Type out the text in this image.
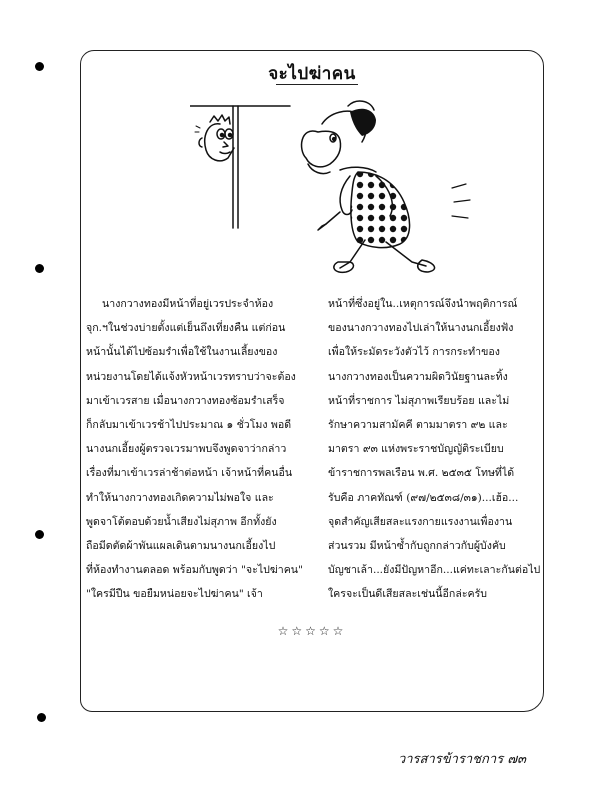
จะไปฆ่าคน
นางกวางทองมีหน้าที่อยู่เวรประจำห้อง
จุก.ฯในช่วงบ่ายตั้งแต่เย็นถึงเที่ยงคืน แต่ก่อน
หน้านั้นได้ไปซ้อมรำเพื่อใช้ในงานเลี้ยงของ
หน่วยงานโดยได้แจ้งหัวหน้าเวรทราบว่าจะต้อง
มาเข้าเวรสาย เมื่อนางกวางทองซ้อมรำเสร็จ
ก็กลับมาเข้าเวรช้าไปประมาณ ๑ ชั่วโมง พอดี
นางนกเอี้ยงผู้ตรวจเวรมาพบจึงพูดจาว่ากล่าว
เรื่องที่มาเข้าเวรล่าช้าต่อหน้า เจ้าหน้าที่คนอื่น
ทำให้นางกวางทองเกิดความไม่พอใจ และ
พูดจาโต้ตอบด้วยน้ำเสียงไม่สุภาพ อีกทั้งยัง
ถือมีดตัดผ้าพันแผลเดินตามนางนกเอี้ยงไป
ที่ห้องทำงานตลอด พร้อมกับพูดว่า "จะไปฆ่าคน"
"ใครมีปืน ขอยืมหน่อยจะไปฆ่าคน" เจ้า
หน้าที่ซึ่งอยู่ใน..เหตุการณ์จึงนำพฤติการณ์
ของนางกวางทองไปเล่าให้นางนกเอี้ยงฟัง
เพื่อให้ระมัดระวังตัวไว้ การกระทำของ
นางกวางทองเป็นความผิดวินัยฐานละทิ้ง
หน้าที่ราชการ ไม่สุภาพเรียบร้อย และไม่
รักษาความสามัคคี ตามมาตรา ๙๒ และ
มาตรา ๙๓ แห่งพระราชบัญญัติระเบียบ
ข้าราชการพลเรือน พ.ศ. ๒๕๓๕ โทษที่ได้
รับคือ ภาคทัณฑ์ (๙๗/๒๕๓๘/๓๑)...เฮ้อ...
จุดสำคัญเสียสละแรงกายแรงงานเพื่องาน
ส่วนรวม มีหน้าซ้ำกับถูกกล่าวกับผู้บังคับ
บัญชาเล้า...ยังมีปัญหาอีก...แค่ทะเลาะกันต่อไป
ใครจะเป็นดีเสียสละเช่นนี้อีกล่ะครับ
☆☆☆☆☆
วารสารข้าราชการ ๗๓
